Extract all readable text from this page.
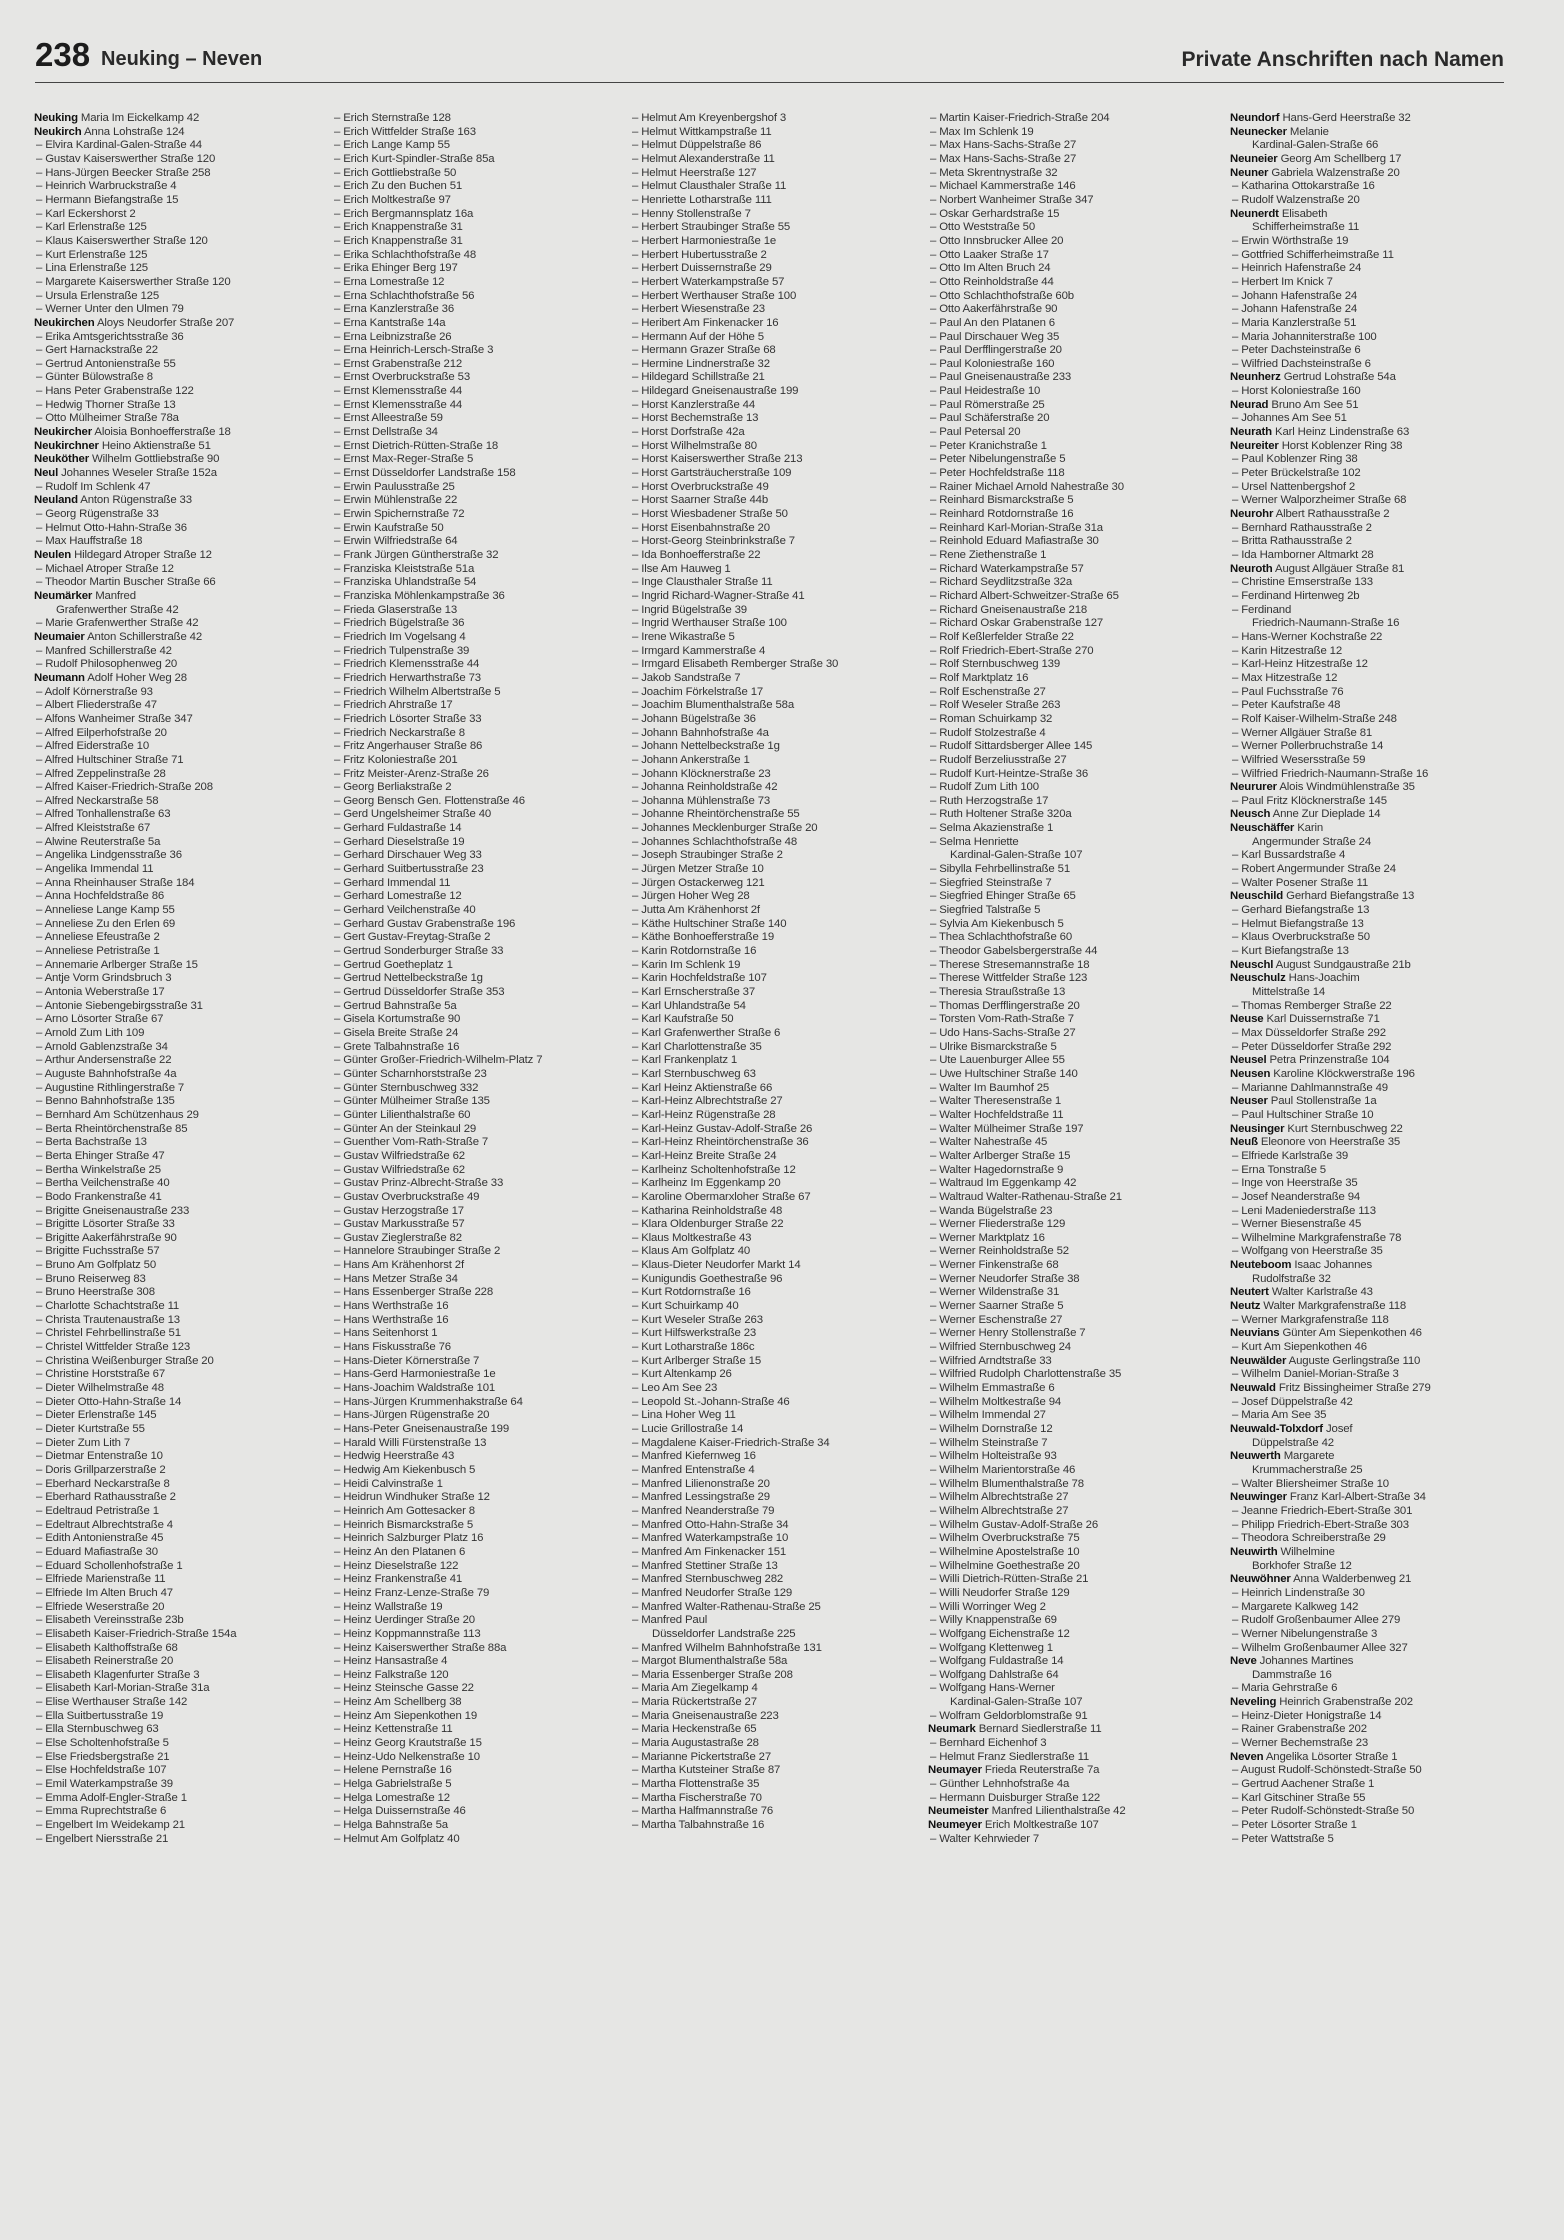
238 Neuking – Neven	Private Anschriften nach Namen
Neuking Maria Im Eickelkamp 42
Neukirch Anna Lohstraße 124
– Elvira Kardinal-Galen-Straße 44
– Gustav Kaiserswerther Straße 120
– Hans-Jürgen Beecker Straße 258
– Heinrich Warbruckstraße 4
– Hermann Biefangstraße 15
– Karl Eckershorst 2
– Karl Erlenstraße 125
– Klaus Kaiserswerther Straße 120
– Kurt Erlenstraße 125
– Lina Erlenstraße 125
– Margarete Kaiserswerther Straße 120
– Ursula Erlenstraße 125
– Werner Unter den Ulmen 79
Neukirchen Aloys Neudorfer Straße 207
– Erika Amtsgerichtsstraße 36
– Gert Harnackstraße 22
– Gertrud Antonienstraße 55
– Günter Bülowstraße 8
– Hans Peter Grabenstraße 122
– Hedwig Thorner Straße 13
– Otto Mülheimer Straße 78a
Neukircher Aloisia Bonhoefferstraße 18
Neukirchner Heino Aktienstraße 51
Neuköther Wilhelm Gottliebstraße 90
Neul Johannes Weseler Straße 152a
– Rudolf Im Schlenk 47
Neuland Anton Rügenstraße 33
– Georg Rügenstraße 33
– Helmut Otto-Hahn-Straße 36
– Max Hauffstraße 18
Neulen Hildegard Atroper Straße 12
– Michael Atroper Straße 12
– Theodor Martin Buscher Straße 66
Neumärker Manfred
Grafenwerther Straße 42
– Marie Grafenwerther Straße 42
Neumaier Anton Schillerstraße 42
– Manfred Schillerstraße 42
– Rudolf Philosophenweg 20
Neumann Adolf Hoher Weg 28
– Adolf Körnerstraße 93
– Albert Fliederstraße 47
– Alfons Wanheimer Straße 347
– Alfred Eilperhofstraße 20
– Alfred Eiderstraße 10
– Alfred Hultschiner Straße 71
– Alfred Zeppelinstraße 28
– Alfred Kaiser-Friedrich-Straße 208
– Alfred Neckarstraße 58
– Alfred Tonhallenstraße 63
– Alfred Kleiststraße 67
– Alwine Reuterstraße 5a
– Angelika Lindgensstraße 36
– Angelika Immendal 11
– Anna Rheinhauser Straße 184
– Anna Hochfeldstraße 86
– Anneliese Lange Kamp 55
– Anneliese Zu den Erlen 69
– Anneliese Efeustraße 2
– Anneliese Petristraße 1
– Annemarie Arlberger Straße 15
– Antje Vorm Grindsbruch 3
– Antonia Weberstraße 17
– Antonie Siebengebirgsstraße 31
– Arno Lösorter Straße 67
– Arnold Zum Lith 109
– Arnold Gablenzstraße 34
– Arthur Andersenstraße 22
– Auguste Bahnhofstraße 4a
– Augustine Rithlingerstraße 7
– Benno Bahnhofstraße 135
– Bernhard Am Schützenhaus 29
– Berta Rheintörchenstraße 85
– Berta Bachstraße 13
– Berta Ehinger Straße 47
– Bertha Winkelstraße 25
– Bertha Veilchenstraße 40
– Bodo Frankenstraße 41
– Brigitte Gneisenaustraße 233
– Brigitte Lösorter Straße 33
– Brigitte Aakerfährstraße 90
– Brigitte Fuchsstraße 57
– Bruno Am Golfplatz 50
– Bruno Reiserweg 83
– Bruno Heerstraße 308
– Charlotte Schachtstraße 11
– Christa Trautenaustraße 13
– Christel Fehrbellinstraße 51
– Christel Wittfelder Straße 123
– Christina Weißenburger Straße 20
– Christine Horststraße 67
– Dieter Wilhelmstraße 48
– Dieter Otto-Hahn-Straße 14
– Dieter Erlenstraße 145
– Dieter Kurtstraße 55
– Dieter Zum Lith 7
– Dietmar Entenstraße 10
– Doris Grillparzerstraße 2
– Eberhard Neckarstraße 8
– Eberhard Rathausstraße 2
– Edeltraud Petristraße 1
– Edeltraut Albrechtstraße 4
– Edith Antonienstraße 45
– Eduard Mafiastraße 30
– Eduard Schollenhofstraße 1
– Elfriede Marienstraße 11
– Elfriede Im Alten Bruch 47
– Elfriede Weserstraße 20
– Elisabeth Vereinsstraße 23b
– Elisabeth Kaiser-Friedrich-Straße 154a
– Elisabeth Kalthoffstraße 68
– Elisabeth Reinerstraße 20
– Elisabeth Klagenfurter Straße 3
– Elisabeth Karl-Morian-Straße 31a
– Elise Werthauser Straße 142
– Ella Suitbertusstraße 19
– Ella Sternbuschweg 63
– Else Scholtenhofstraße 5
– Else Friedsbergstraße 21
– Else Hochfeldstraße 107
– Emil Waterkampstraße 39
– Emma Adolf-Engler-Straße 1
– Emma Ruprechtstraße 6
– Engelbert Im Weidekamp 21
– Engelbert Niersstraße 21
– Erich Sternstraße 128
– Erich Wittfelder Straße 163
– Erich Lange Kamp 55
– Erich Kurt-Spindler-Straße 85a
– Erich Gottliebstraße 50
– Erich Zu den Buchen 51
– Erich Moltkestraße 97
– Erich Bergmannsplatz 16a
– Erich Knappenstraße 31
– Erich Knappenstraße 31
– Erika Schlachthofstraße 48
– Erika Ehinger Berg 197
– Erna Lomestraße 12
– Erna Schlachthofstraße 56
– Erna Kanzlerstraße 36
– Erna Kantstraße 14a
– Erna Leibnizstraße 26
– Erna Heinrich-Lersch-Straße 3
– Ernst Grabenstraße 212
– Ernst Overbruckstraße 53
– Ernst Klemensstraße 44
– Ernst Klemensstraße 44
– Ernst Alleestraße 59
– Ernst Dellstraße 34
– Ernst Dietrich-Rütten-Straße 18
– Ernst Max-Reger-Straße 5
– Ernst Düsseldorfer Landstraße 158
– Erwin Paulusstraße 25
– Erwin Mühlenstraße 22
– Erwin Spichernstraße 72
– Erwin Kaufstraße 50
– Erwin Wilfriedstraße 64
– Frank Jürgen Güntherstraße 32
– Franziska Kleiststraße 51a
– Franziska Uhlandstraße 54
– Franziska Möhlenkampstraße 36
– Frieda Glaserstraße 13
– Friedrich Bügelstraße 36
– Friedrich Im Vogelsang 4
– Friedrich Tulpenstraße 39
– Friedrich Klemensstraße 44
– Friedrich Herwarthstraße 73
– Friedrich Wilhelm Albertstraße 5
– Friedrich Ahrstraße 17
– Friedrich Lösorter Straße 33
– Friedrich Neckarstraße 8
– Fritz Angerhauser Straße 86
– Fritz Koloniestraße 201
– Fritz Meister-Arenz-Straße 26
– Georg Berliakstraße 2
– Georg Bensch Gen. Flottenstraße 46
– Gerd Ungelsheimer Straße 40
– Gerhard Fuldastraße 14
– Gerhard Dieselstraße 19
– Gerhard Dirschauer Weg 33
– Gerhard Suitbertusstraße 23
– Gerhard Immendal 11
– Gerhard Lomestraße 12
– Gerhard Veilchenstraße 40
– Gerhard Gustav Grabenstraße 196
– Gert Gustav-Freytag-Straße 2
– Gertrud Sonderburger Straße 33
– Gertrud Goetheplatz 1
– Gertrud Nettelbeckstraße 1g
– Gertrud Düsseldorfer Straße 353
– Gertrud Bahnstraße 5a
– Gisela Kortumstraße 90
– Gisela Breite Straße 24
– Grete Talbahnstraße 16
– Günter Großer-Friedrich-Wilhelm-Platz 7
– Günter Scharnhorststraße 23
– Günter Sternbuschweg 332
– Günter Mülheimer Straße 135
– Günter Lilienthalstraße 60
– Günter An der Steinkaul 29
– Guenther Vom-Rath-Straße 7
– Gustav Wilfriedstraße 62
– Gustav Wilfriedstraße 62
– Gustav Prinz-Albrecht-Straße 33
– Gustav Overbruckstraße 49
– Gustav Herzogstraße 17
– Gustav Markusstraße 57
– Gustav Zieglerstraße 82
– Hannelore Straubinger Straße 2
– Hans Am Krähenhorst 2f
– Hans Metzer Straße 34
– Hans Essenberger Straße 228
– Hans Werthstraße 16
– Hans Werthstraße 16
– Hans Seitenhorst 1
– Hans Fiskusstraße 76
– Hans-Dieter Körnerstraße 7
– Hans-Gerd Harmoniestraße 1e
– Hans-Joachim Waldstraße 101
– Hans-Jürgen Krummenhakstraße 64
– Hans-Jürgen Rügenstraße 20
– Hans-Peter Gneisenaustraße 199
– Harald Willi Fürstenstraße 13
– Hedwig Heerstraße 43
– Hedwig Am Kiekenbusch 5
– Heidi Calvinstraße 1
– Heidrun Windhuker Straße 12
– Heinrich Am Gottesacker 8
– Heinrich Bismarckstraße 5
– Heinrich Salzburger Platz 16
– Heinz An den Platanen 6
– Heinz Dieselstraße 122
– Heinz Frankenstraße 41
– Heinz Franz-Lenze-Straße 79
– Heinz Wallstraße 19
– Heinz Uerdinger Straße 20
– Heinz Koppmannstraße 113
– Heinz Kaiserswerther Straße 88a
– Heinz Hansastraße 4
– Heinz Falkstraße 120
– Heinz Steinsche Gasse 22
– Heinz Am Schellberg 38
– Heinz Am Siepenkothen 19
– Heinz Kettenstraße 11
– Heinz Georg Krautstraße 15
– Heinz-Udo Nelkenstraße 10
– Helene Pernstraße 16
– Helga Gabrielstraße 5
– Helga Lomestraße 12
– Helga Duissernstraße 46
– Helga Bahnstraße 5a
– Helmut Am Golfplatz 40
– Helmut Am Kreyenbergshof 3
– Helmut Wittkampstraße 11
– Helmut Düppelstraße 86
– Helmut Alexanderstraße 11
– Helmut Heerstraße 127
– Helmut Clausthaler Straße 11
– Henriette Lotharstraße 111
– Henny Stollenstraße 7
– Herbert Straubinger Straße 55
– Herbert Harmoniestraße 1e
– Herbert Hubertusstraße 2
– Herbert Duissernstraße 29
– Herbert Waterkampstraße 57
– Herbert Werthauser Straße 100
– Herbert Wiesenstraße 23
– Heribert Am Finkenacker 16
– Hermann Auf der Höhe 5
– Hermann Grazer Straße 68
– Hermine Lindnerstraße 32
– Hildegard Schillstraße 21
– Hildegard Gneisenaustraße 199
– Horst Kanzlerstraße 44
– Horst Bechemstraße 13
– Horst Dorfstraße 42a
– Horst Wilhelmstraße 80
– Horst Kaiserswerther Straße 213
– Horst Gartsträucherstraße 109
– Horst Overbruckstraße 49
– Horst Saarner Straße 44b
– Horst Wiesbadener Straße 50
– Horst Eisenbahnstraße 20
– Horst-Georg Steinbrinkstraße 7
– Ida Bonhoefferstraße 22
– Ilse Am Hauweg 1
– Inge Clausthaler Straße 11
– Ingrid Richard-Wagner-Straße 41
– Ingrid Bügelstraße 39
– Ingrid Werthauser Straße 100
– Irene Wikastraße 5
– Irmgard Kammerstraße 4
– Irmgard Elisabeth Remberger Straße 30
– Jakob Sandstraße 7
– Joachim Förkelstraße 17
– Joachim Blumenthalstraße 58a
– Johann Bügelstraße 36
– Johann Bahnhofstraße 4a
– Johann Nettelbeckstraße 1g
– Johann Ankerstraße 1
– Johann Klöcknerstraße 23
– Johanna Reinholdstraße 42
– Johanna Mühlenstraße 73
– Johanne Rheintörchenstraße 55
– Johannes Mecklenburger Straße 20
– Johannes Schlachthofstraße 48
– Joseph Straubinger Straße 2
– Jürgen Metzer Straße 10
– Jürgen Ostackerweg 121
– Jürgen Hoher Weg 28
– Jutta Am Krähenhorst 2f
– Käthe Hultschiner Straße 140
– Käthe Bonhoefferstraße 19
– Karin Rotdornstraße 16
– Karin Im Schlenk 19
– Karin Hochfeldstraße 107
– Karl Ernscherstraße 37
– Karl Uhlandstraße 54
– Karl Kaufstraße 50
– Karl Grafenwerther Straße 6
– Karl Charlottenstraße 35
– Karl Frankenplatz 1
– Karl Sternbuschweg 63
– Karl Heinz Aktienstraße 66
– Karl-Heinz Albrechtstraße 27
– Karl-Heinz Rügenstraße 28
– Karl-Heinz Gustav-Adolf-Straße 26
– Karl-Heinz Rheintörchenstraße 36
– Karl-Heinz Breite Straße 24
– Karlheinz Scholtenhofstraße 12
– Karlheinz Im Eggenkamp 20
– Karoline Obermarxloher Straße 67
– Katharina Reinholdstraße 48
– Klara Oldenburger Straße 22
– Klaus Moltkestraße 43
– Klaus Am Golfplatz 40
– Klaus-Dieter Neudorfer Markt 14
– Kunigundis Goethestraße 96
– Kurt Rotdornstraße 16
– Kurt Schuirkamp 40
– Kurt Weseler Straße 263
– Kurt Hilfswerkstraße 23
– Kurt Lotharstraße 186c
– Kurt Arlberger Straße 15
– Kurt Altenkamp 26
– Leo Am See 23
– Leopold St.-Johann-Straße 46
– Lina Hoher Weg 11
– Lucie Grillostraße 14
– Magdalene Kaiser-Friedrich-Straße 34
– Manfred Kiefernweg 16
– Manfred Entenstraße 4
– Manfred Lilienonstraße 20
– Manfred Lessingstraße 29
– Manfred Neanderstraße 79
– Manfred Otto-Hahn-Straße 34
– Manfred Waterkampstraße 10
– Manfred Am Finkenacker 151
– Manfred Stettiner Straße 13
– Manfred Sternbuschweg 282
– Manfred Neudorfer Straße 129
– Manfred Walter-Rathenau-Straße 25
– Manfred Paul
Düsseldorfer Landstraße 225
– Manfred Wilhelm Bahnhofstraße 131
– Margot Blumenthalstraße 58a
– Maria Essenberger Straße 208
– Maria Am Ziegelkamp 4
– Maria Rückertstraße 27
– Maria Gneisenaustraße 223
– Maria Heckenstraße 65
– Maria Augustastraße 28
– Marianne Pickertstraße 27
– Martha Kutsteiner Straße 87
– Martha Flottenstraße 35
– Martha Fischerstraße 70
– Martha Halfmannstraße 76
– Martha Talbahnstraße 16
– Martin Kaiser-Friedrich-Straße 204
– Max Im Schlenk 19
– Max Hans-Sachs-Straße 27
– Max Hans-Sachs-Straße 27
– Meta Skrentnystraße 32
– Michael Kammerstraße 146
– Norbert Wanheimer Straße 347
– Oskar Gerhardstraße 15
– Otto Weststraße 50
– Otto Innsbrucker Allee 20
– Otto Laaker Straße 17
– Otto Im Alten Bruch 24
– Otto Reinholdstraße 44
– Otto Schlachthofstraße 60b
– Otto Aakerfährstraße 90
– Paul An den Platanen 6
– Paul Dirschauer Weg 35
– Paul Derfflingerstraße 20
– Paul Koloniestraße 160
– Paul Gneisenaustraße 233
– Paul Heidestraße 10
– Paul Römerstraße 25
– Paul Schäferstraße 20
– Paul Petersal 20
– Peter Kranichstraße 1
– Peter Nibelungenstraße 5
– Peter Hochfeldstraße 118
– Rainer Michael Arnold Nahestraße 30
– Reinhard Bismarckstraße 5
– Reinhard Rotdornstraße 16
– Reinhard Karl-Morian-Straße 31a
– Reinhold Eduard Mafiastraße 30
– Rene Ziethenstraße 1
– Richard Waterkampstraße 57
– Richard Seydlitzstraße 32a
– Richard Albert-Schweitzer-Straße 65
– Richard Gneisenaustraße 218
– Richard Oskar Grabenstraße 127
– Rolf Keßlerfelder Straße 22
– Rolf Friedrich-Ebert-Straße 270
– Rolf Sternbuschweg 139
– Rolf Marktplatz 16
– Rolf Eschenstraße 27
– Rolf Weseler Straße 263
– Roman Schuirkamp 32
– Rudolf Stolzestraße 4
– Rudolf Sittardsberger Allee 145
– Rudolf Berzeliusstraße 27
– Rudolf Kurt-Heintze-Straße 36
– Rudolf Zum Lith 100
– Ruth Herzogstraße 17
– Ruth Holtener Straße 320a
– Selma Akazienstraße 1
– Selma Henriette
Kardinal-Galen-Straße 107
– Sibylla Fehrbellinstraße 51
– Siegfried Steinstraße 7
– Siegfried Ehinger Straße 65
– Siegfried Talstraße 5
– Sylvia Am Kiekenbusch 5
– Thea Schlachthofstraße 60
– Theodor Gabelsbergerstraße 44
– Therese Stresemannstraße 18
– Therese Wittfelder Straße 123
– Theresia Straußstraße 13
– Thomas Derfflingerstraße 20
– Torsten Vom-Rath-Straße 7
– Udo Hans-Sachs-Straße 27
– Ulrike Bismarckstraße 5
– Ute Lauenburger Allee 55
– Uwe Hultschiner Straße 140
– Walter Im Baumhof 25
– Walter Theresenstraße 1
– Walter Hochfeldstraße 11
– Walter Mülheimer Straße 197
– Walter Nahestraße 45
– Walter Arlberger Straße 15
– Walter Hagedornstraße 9
– Waltraud Im Eggenkamp 42
– Waltraud Walter-Rathenau-Straße 21
– Wanda Bügelstraße 23
– Werner Fliederstraße 129
– Werner Marktplatz 16
– Werner Reinholdstraße 52
– Werner Finkenstraße 68
– Werner Neudorfer Straße 38
– Werner Wildenstraße 31
– Werner Saarner Straße 5
– Werner Eschenstraße 27
– Werner Henry Stollenstraße 7
– Wilfried Sternbuschweg 24
– Wilfried Arndtstraße 33
– Wilfried Rudolph Charlottenstraße 35
– Wilhelm Emmastraße 6
– Wilhelm Moltkestraße 94
– Wilhelm Immendal 27
– Wilhelm Dornstraße 12
– Wilhelm Steinstraße 7
– Wilhelm Holteistraße 93
– Wilhelm Marientorstraße 46
– Wilhelm Blumenthalstraße 78
– Wilhelm Albrechtstraße 27
– Wilhelm Albrechtstraße 27
– Wilhelm Gustav-Adolf-Straße 26
– Wilhelm Overbruckstraße 75
– Wilhelmine Apostelstraße 10
– Wilhelmine Goethestraße 20
– Willi Dietrich-Rütten-Straße 21
– Willi Neudorfer Straße 129
– Willi Worringer Weg 2
– Willy Knappenstraße 69
– Wolfgang Eichenstraße 12
– Wolfgang Klettenweg 1
– Wolfgang Fuldastraße 14
– Wolfgang Dahlstraße 64
– Wolfgang Hans-Werner
Kardinal-Galen-Straße 107
– Wolfram Geldorblomstraße 91
Neumark Bernard Siedlerstraße 11
– Bernhard Eichenhof 3
– Helmut Franz Siedlerstraße 11
Neumayer Frieda Reuterstraße 7a
– Günther Lehnhofstraße 4a
– Hermann Duisburger Straße 122
Neumeister Manfred Lilienthalstraße 42
Neumeyer Erich Moltkestraße 107
– Walter Kehrwieder 7
Neundorf Hans-Gerd Heerstraße 32
Neunecker Melanie
Kardinal-Galen-Straße 66
Neuneier Georg Am Schellberg 17
Neuner Gabriela Walzenstraße 20
– Katharina Ottokarstraße 16
– Rudolf Walzenstraße 20
Neunerdt Elisabeth
Schifferheimstraße 11
– Erwin Wörthstraße 19
– Gottfried Schifferheimstraße 11
– Heinrich Hafenstraße 24
– Herbert Im Knick 7
– Johann Hafenstraße 24
– Johann Hafenstraße 24
– Maria Kanzlerstraße 51
– Maria Johanniterstraße 100
– Peter Dachsteinstraße 6
– Wilfried Dachsteinstraße 6
Neunherz Gertrud Lohstraße 54a
– Horst Koloniestraße 160
Neurad Bruno Am See 51
– Johannes Am See 51
Neurath Karl Heinz Lindenstraße 63
Neureiter Horst Koblenzer Ring 38
– Paul Koblenzer Ring 38
– Peter Brückelstraße 102
– Ursel Nattenbergshof 2
– Werner Walporzheimer Straße 68
Neurohr Albert Rathausstraße 2
– Bernhard Rathausstraße 2
– Britta Rathausstraße 2
– Ida Hamborner Altmarkt 28
Neuroth August Allgäuer Straße 81
– Christine Emserstraße 133
– Ferdinand Hirtenweg 2b
– Ferdinand
Friedrich-Naumann-Straße 16
– Hans-Werner Kochstraße 22
– Karin Hitzestraße 12
– Karl-Heinz Hitzestraße 12
– Max Hitzestraße 12
– Paul Fuchsstraße 76
– Peter Kaufstraße 48
– Rolf Kaiser-Wilhelm-Straße 248
– Werner Allgäuer Straße 81
– Werner Pollerbruchstraße 14
– Wilfried Wesersstraße 59
– Wilfried Friedrich-Naumann-Straße 16
Neururer Alois Windmühlenstraße 35
– Paul Fritz Klöcknerstraße 145
Neusch Anne Zur Dieplade 14
Neuschäffer Karin
Angermunder Straße 24
– Karl Bussardstraße 4
– Robert Angermunder Straße 24
– Walter Posener Straße 11
Neuschild Gerhard Biefangstraße 13
– Gerhard Biefangstraße 13
– Helmut Biefangstraße 13
– Klaus Overbruckstraße 50
– Kurt Biefangstraße 13
Neuschl August Sundgaustraße 21b
Neuschulz Hans-Joachim
Mittelstraße 14
– Thomas Remberger Straße 22
Neuse Karl Duissernstraße 71
– Max Düsseldorfer Straße 292
– Peter Düsseldorfer Straße 292
Neusel Petra Prinzenstraße 104
Neusen Karoline Klöckwerstraße 196
– Marianne Dahlmannstraße 49
Neuser Paul Stollenstraße 1a
– Paul Hultschiner Straße 10
Neusinger Kurt Sternbuschweg 22
Neuß Eleonore von Heerstraße 35
– Elfriede Karlstraße 39
– Erna Tonstraße 5
– Inge von Heerstraße 35
– Josef Neanderstraße 94
– Leni Madeniederstraße 113
– Werner Biesenstraße 45
– Wilhelmine Markgrafenstraße 78
– Wolfgang von Heerstraße 35
Neuteboom Isaac Johannes
Rudolfstraße 32
Neutert Walter Karlstraße 43
Neutz Walter Markgrafenstraße 118
– Werner Markgrafenstraße 118
Neuvians Günter Am Siepenkothen 46
– Kurt Am Siepenkothen 46
Neuwälder Auguste Gerlingstraße 110
– Wilhelm Daniel-Morian-Straße 3
Neuwald Fritz Bissingheimer Straße 279
– Josef Düppelstraße 42
– Maria Am See 35
Neuwald-Tolxdorf Josef
Düppelstraße 42
Neuwerth Margarete
Krummacherstraße 25
– Walter Bliersheimer Straße 10
Neuwinger Franz Karl-Albert-Straße 34
– Jeanne Friedrich-Ebert-Straße 301
– Philipp Friedrich-Ebert-Straße 303
– Theodora Schreiberstraße 29
Neuwirth Wilhelmine
Borkhofer Straße 12
Neuwöhner Anna Walderbenweg 21
– Heinrich Lindenstraße 30
– Margarete Kalkweg 142
– Rudolf Großenbaumer Allee 279
– Werner Nibelungenstraße 3
– Wilhelm Großenbaumer Allee 327
Neve Johannes Martines
Dammstraße 16
– Maria Gehrstraße 6
Neveling Heinrich Grabenstraße 202
– Heinz-Dieter Honigstraße 14
– Rainer Grabenstraße 202
– Werner Bechemstraße 23
Neven Angelika Lösorter Straße 1
– August Rudolf-Schönstedt-Straße 50
– Gertrud Aachener Straße 1
– Karl Gitschiner Straße 55
– Peter Rudolf-Schönstedt-Straße 50
– Peter Lösorter Straße 1
– Peter Wattstraße 5
